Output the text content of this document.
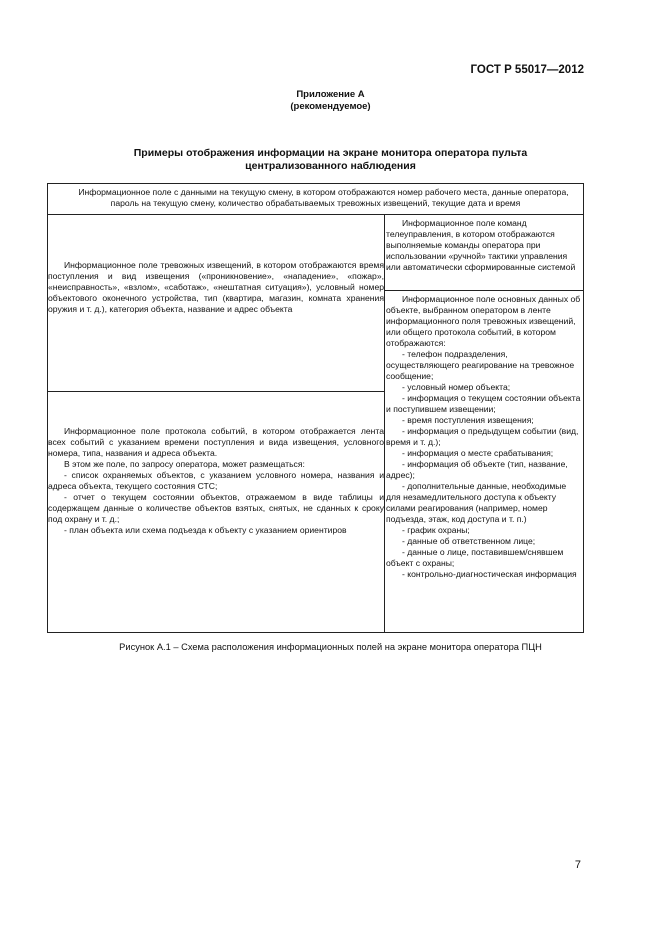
ГОСТ Р 55017—2012
Приложение А
(рекомендуемое)
Примеры отображения информации на экране монитора оператора пульта
централизованного наблюдения

Информационное поле с данными на текущую смену, в котором отображаются номер рабочего места, данные оператора, пароль на текущую смену, количество обрабатываемых тревожных извещений, текущие дата и время

Информационное поле тревожных извещений, в котором отображаются время поступления и вид извещения («проникновение», «нападение», «пожар», «неисправность», «взлом», «саботаж», «нештатная ситуация»), условный номер объектового оконечного устройства, тип (квартира, магазин, комната хранения оружия и т. д.), категория объекта, название и адрес объекта

Информационное поле протокола событий, в котором отображается лента всех событий с указанием времени поступления и вида извещения, условного номера, типа, названия и адреса объекта.

В этом же поле, по запросу оператора, может размещаться:

- список охраняемых объектов, с указанием условного номера, названия и адреса объекта, текущего состояния СТС;

- отчет о текущем состоянии объектов, отражаемом в виде таблицы и содержащем данные о количестве объектов взятых, снятых, не сданных к сроку под охрану и т. д.;

- план объекта или схема подъезда к объекту с указанием ориентиров

Информационное поле команд телеуправления, в котором отображаются выполняемые команды оператора при использовании «ручной» тактики управления или автоматически сформированные системой

Информационное поле основных данных об объекте, выбранном оператором в ленте информационного поля тревожных извещений, или общего протокола событий, в котором отображаются:

- телефон подразделения, осуществляющего реагирование на тревожное сообщение;

- условный номер объекта;

- информация о текущем состоянии объекта и поступившем извещении;

- время поступления извещения;

- информация о предыдущем событии (вид, время и т. д.);

- информация о месте срабатывания;

- информация об объекте (тип, название, адрес);

- дополнительные данные, необходимые для незамедлительного доступа к объекту силами реагирования (например, номер подъезда, этаж, код доступа и т. п.)

- график охраны;

- данные об ответственном лице;

- данные о лице, поставившем/снявшем объект с охраны;

- контрольно-диагностическая информация

Рисунок А.1 – Схема расположения информационных полей на экране монитора оператора ПЦН
7
